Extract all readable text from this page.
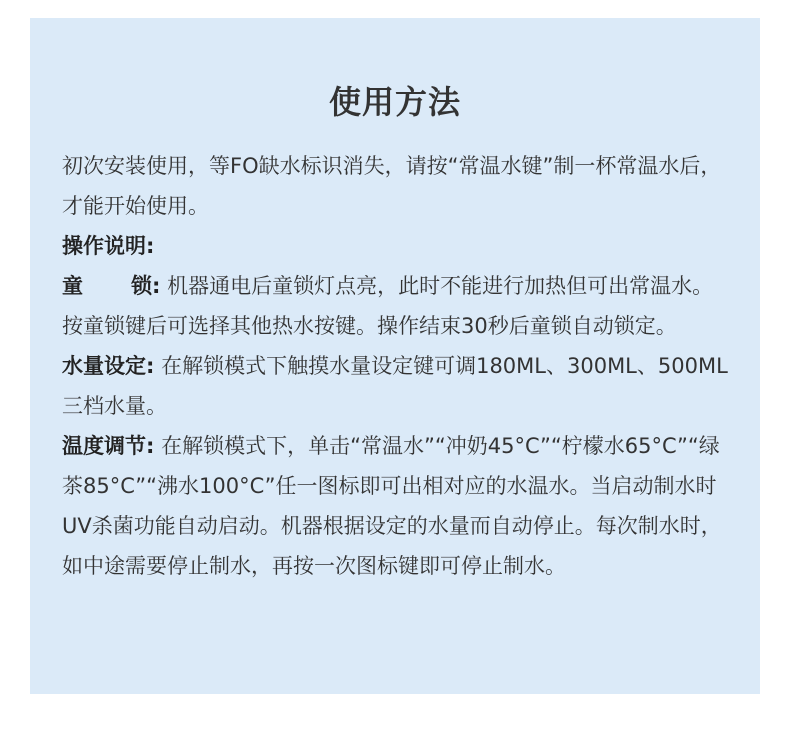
使用方法

初次安装使用，等FO缺水标识消失，请按“常温水键”制一杯常温水后，才能开始使用。

操作说明:

童 锁: 机器通电后童锁灯点亮，此时不能进行加热但可出常温水。按童锁键后可选择其他热水按键。操作结束30秒后童锁自动锁定。

水量设定: 在解锁模式下触摸水量设定键可调180ML、300ML、500ML三档水量。

温度调节: 在解锁模式下，单击“常温水”“冲奶45°C”“柠檬水65°C”“绿茶85°C”“沸水100°C”任一图标即可出相对应的水温水。当启动制水时UV杀菌功能自动启动。机器根据设定的水量而自动停止。每次制水时，如中途需要停止制水，再按一次图标键即可停止制水。
